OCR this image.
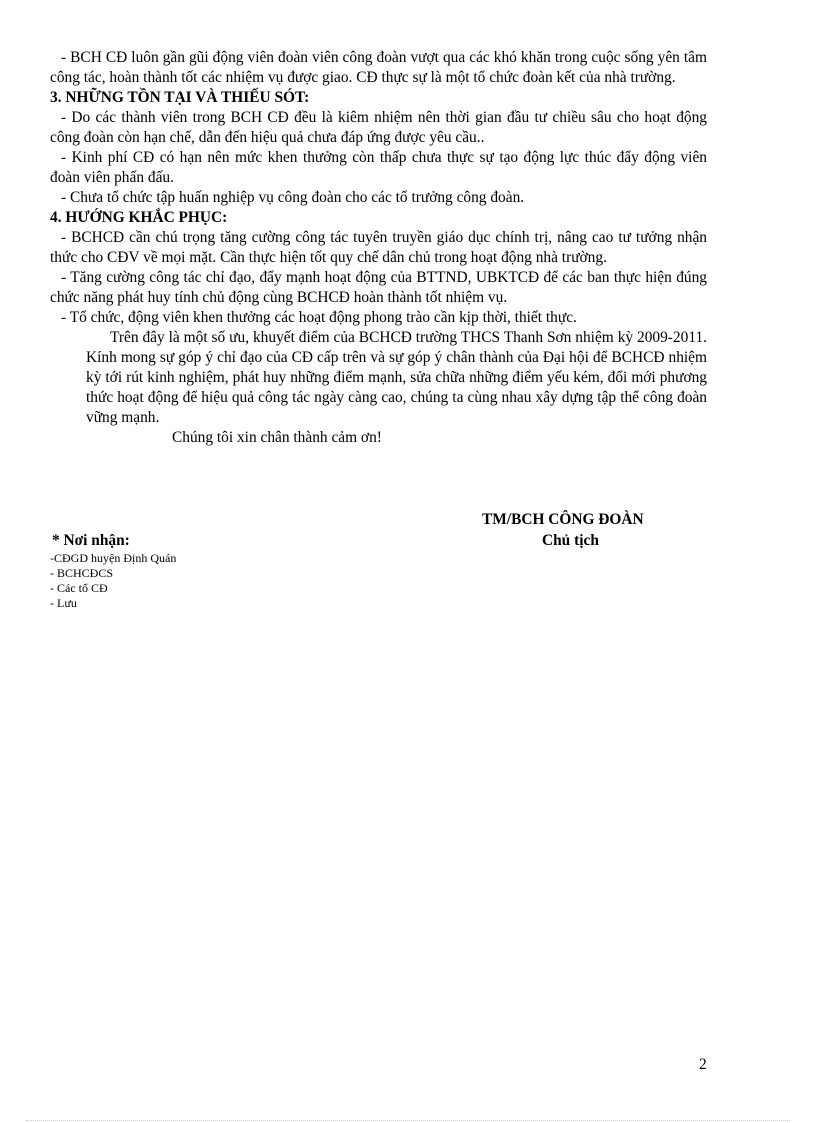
- BCH CĐ luôn gần gũi động viên đoàn viên công đoàn vượt qua các khó khăn trong cuộc sống yên tâm công tác, hoàn thành tốt các nhiệm vụ được giao. CĐ thực sự là một tổ chức đoàn kết của nhà trường.

3. NHỮNG TỒN TẠI VÀ THIẾU SÓT:

- Do các thành viên trong BCH CĐ đều là kiêm nhiệm nên thời gian đầu tư chiều sâu cho hoạt động công đoàn còn hạn chế, dẫn đến hiệu quả chưa đáp ứng được yêu cầu..

- Kinh phí CĐ có hạn nên mức khen thưởng còn thấp chưa thực sự tạo động lực thúc đẩy động viên đoàn viên phấn đấu.

- Chưa tổ chức tập huấn nghiệp vụ công đoàn cho các tổ trưởng công đoàn.

4. HƯỚNG KHẮC PHỤC:

- BCHCĐ cần chú trọng tăng cường công tác tuyên truyền giáo dục chính trị, nâng cao tư tưởng nhận thức cho CĐV về mọi mặt. Cần thực hiện tốt quy chế dân chủ trong hoạt động nhà trường.

- Tăng cường công tác chỉ đạo, đẩy mạnh hoạt động của BTTND, UBKTCĐ để các ban thực hiện đúng chức năng phát huy tính chủ động cùng BCHCĐ hoàn thành tốt nhiệm vụ.

- Tổ chức, động viên khen thưởng các hoạt động phong trào cần kịp thời, thiết thực.

Trên đây là một số ưu, khuyết điểm của BCHCĐ trường THCS Thanh Sơn nhiệm kỳ 2009-2011. Kính mong sự góp ý chỉ đạo của CĐ cấp trên và sự góp ý chân thành của Đại hội để BCHCĐ nhiệm kỳ tới rút kinh nghiệm, phát huy những điểm mạnh, sửa chữa những điểm yếu kém, đổi mới phương thức hoạt động để hiệu quả công tác ngày càng cao, chúng ta cùng nhau xây dựng tập thể công đoàn vững mạnh.

Chúng tôi xin chân thành cảm ơn!

TM/BCH CÔNG ĐOÀN
Chủ tịch
* Nơi nhận:
-CĐGD huyện Định Quán
- BCHCĐCS
- Các tổ CĐ
- Lưu
2
